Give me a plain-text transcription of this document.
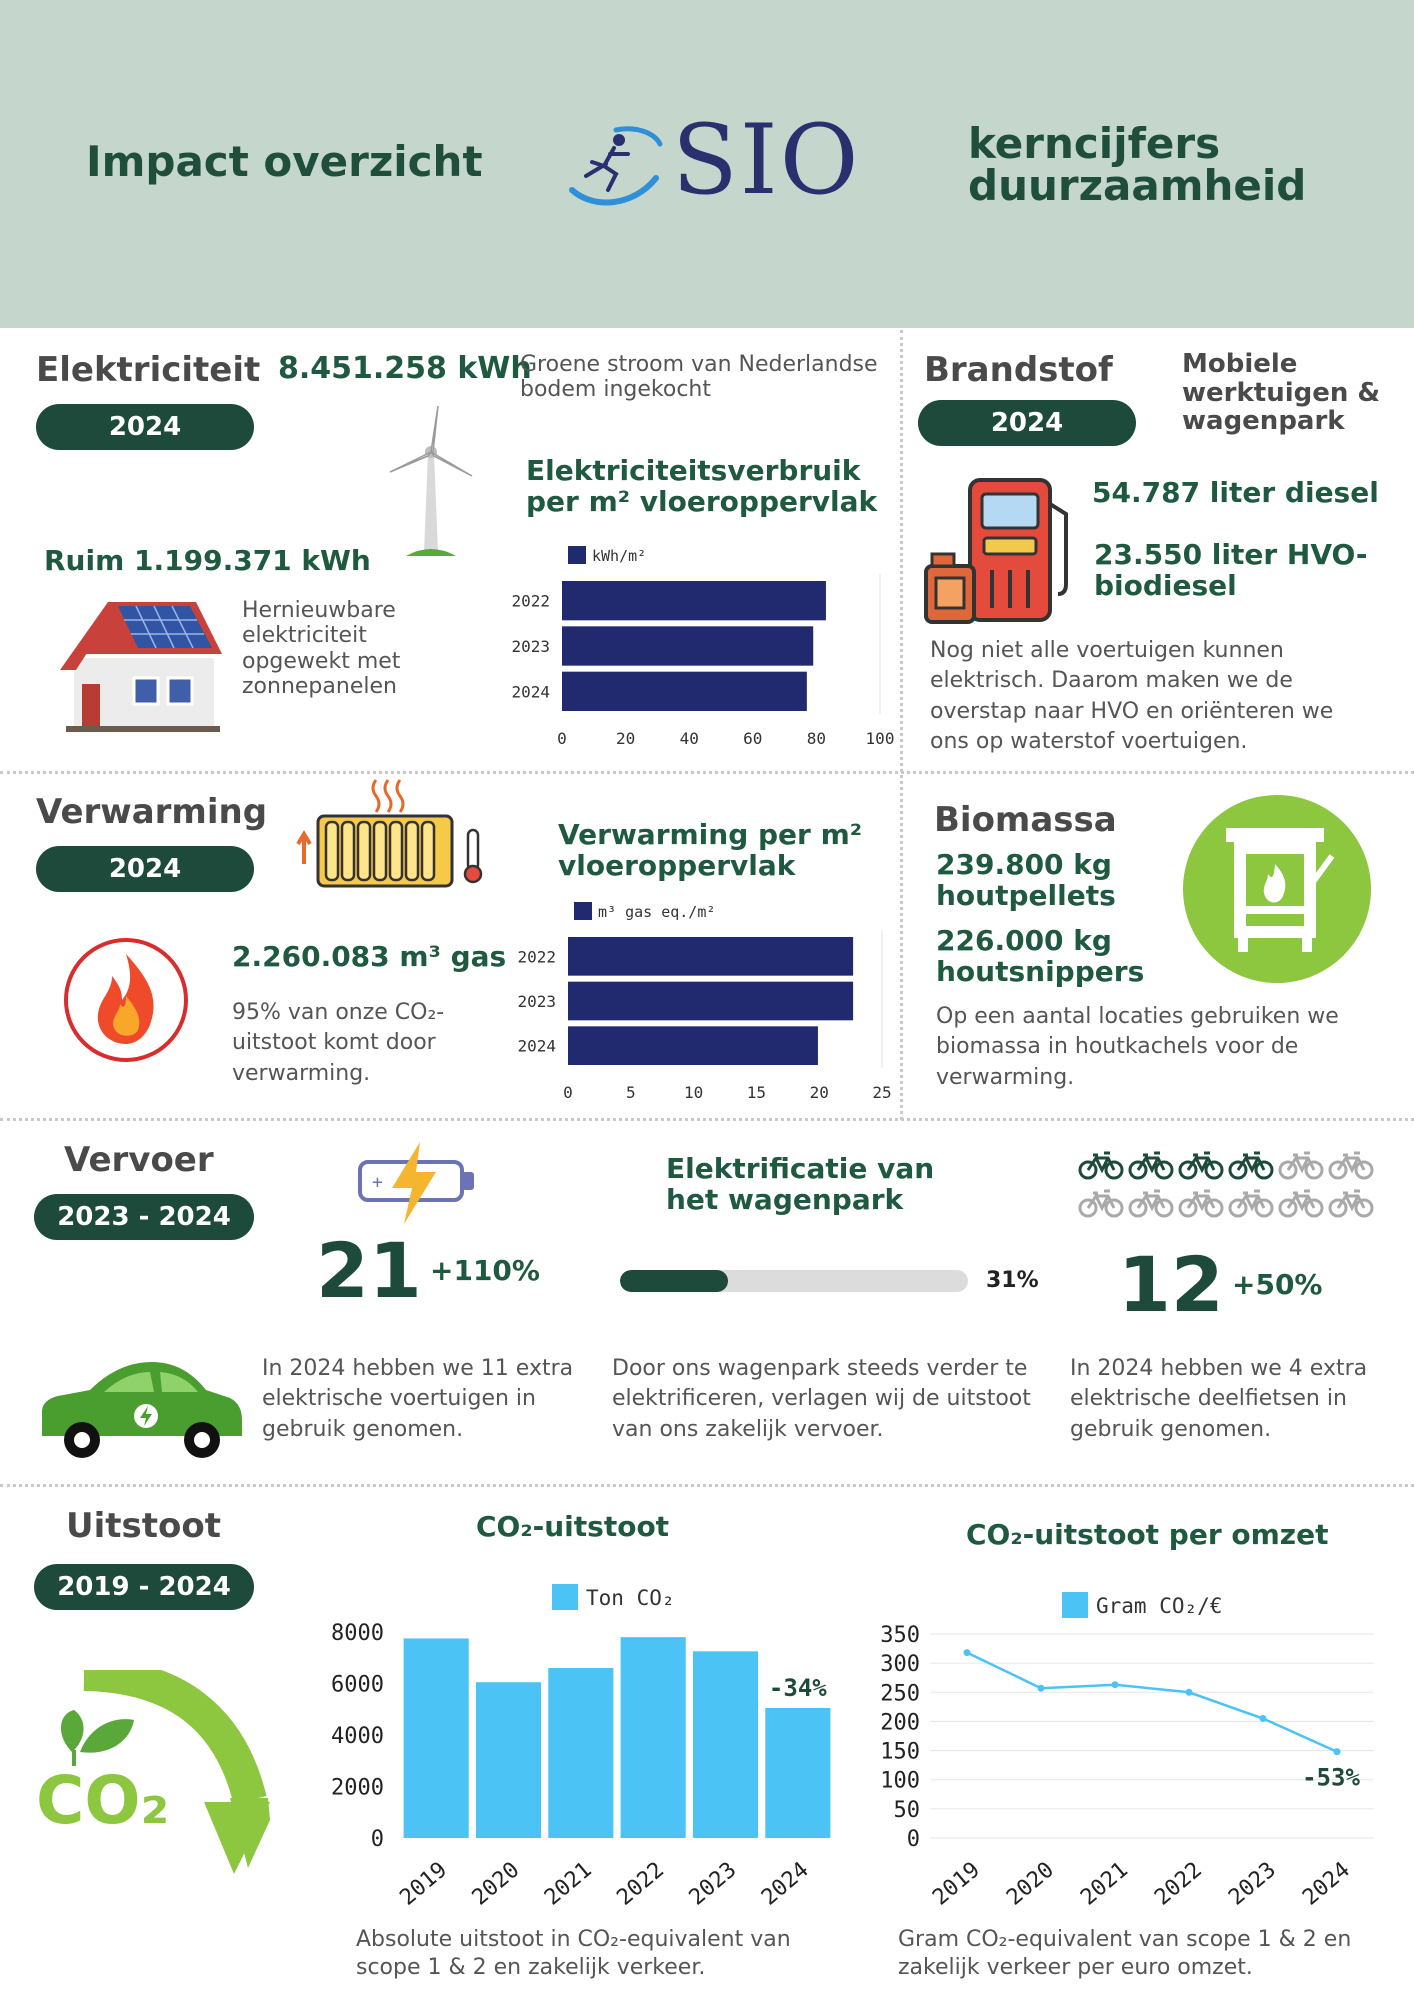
Impact overzicht SIO	kerncijfers
duurzaamheid
Elektriciteit
2024
8.451.258 kWh
Groene stroom van Nederlandse bodem ingekocht
Ruim 1.199.371 kWh
Hernieuwbare elektriciteit opgewekt met zonnepanelen
Elektriciteitsverbruik per m² vloeroppervlak
kWh/m²
2022
2023
2024
0	20	40	60	80 100
Brandstof
2024
Mobiele werktuigen & wagenpark
54.787 liter diesel
23.550 liter HVO-biodiesel
Nog niet alle voertuigen kunnen elektrisch. Daarom maken we de overstap naar HVO en oriënteren we ons op waterstof voertuigen.
Verwarming
2024
2.260.083 m³ gas
95% van onze CO₂-uitstoot komt door verwarming.
Verwarming per m² vloeroppervlak
m³ gas eq./m²
2022
2023
2024
0	5	10	15	20	25
Biomassa
239.800 kg houtpellets
226.000 kg houtsnippers
Op een aantal locaties gebruiken we biomassa in houtkachels voor de verwarming.
Vervoer
2023 - 2024
+
21 +110%
In 2024 hebben we 11 extra elektrische voertuigen in gebruik genomen.
Elektrificatie van het wagenpark
31%
Door ons wagenpark steeds verder te elektrificeren, verlagen wij de uitstoot van ons zakelijk vervoer.
12 +50%
In 2024 hebben we 4 extra elektrische deelfietsen in gebruik genomen.
Uitstoot
2019 - 2024
CO₂
CO₂-uitstoot
Ton CO₂
0
2000
4000
6000
8000
2019 2020 2021 2022 2023 2024
-34%
Absolute uitstoot in CO₂-equivalent van scope 1 & 2 en zakelijk verkeer.
CO₂-uitstoot per omzet
Gram CO₂/€
0
50
100
150
200
250
300
350
2019 2020 2021 2022 2023 2024
-53%
Gram CO₂-equivalent van scope 1 & 2 en zakelijk verkeer per euro omzet.
